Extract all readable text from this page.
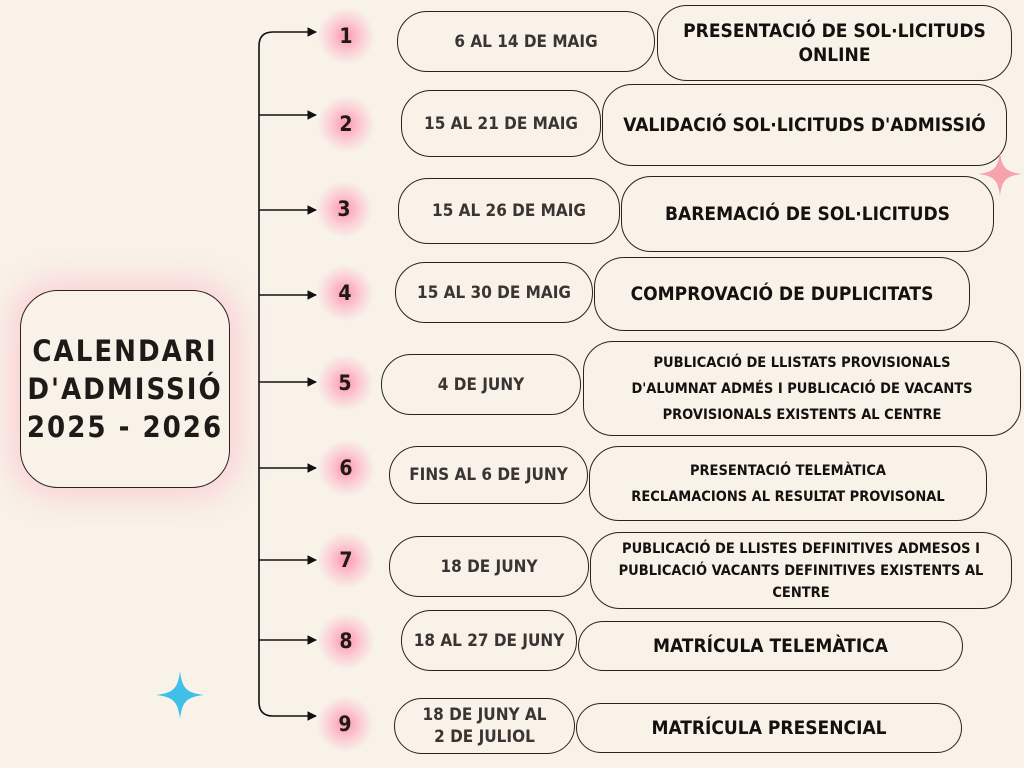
CALENDARI
D'ADMISSIÓ
2025 - 2026
1	6 AL 14 DE MAIG	PRESENTACIÓ DE SOL·LICITUDS
ONLINE
2	15 AL 21 DE MAIG VALIDACIÓ SOL·LICITUDS D'ADMISSIÓ
3	15 AL 26 DE MAIG	BAREMACIÓ DE SOL·LICITUDS
4	15 AL 30 DE MAIG	COMPROVACIÓ DE DUPLICITATS
5	4 DE JUNY
PUBLICACIÓ DE LLISTATS PROVISIONALS
D'ALUMNAT ADMÉS I PUBLICACIÓ DE VACANTS
PROVISIONALS EXISTENTS AL CENTRE
6	FINS AL 6 DE JUNY	PRESENTACIÓ TELEMÀTICA
RECLAMACIONS AL RESULTAT PROVISONAL
7	18 DE JUNY
PUBLICACIÓ DE LLISTES DEFINITIVES ADMESOS I
PUBLICACIÓ VACANTS DEFINITIVES EXISTENTS AL
CENTRE
8	18 AL 27 DE JUNY	MATRÍCULA TELEMÀTICA
9	18 DE JUNY AL
2 DE JULIOL	MATRÍCULA PRESENCIAL
